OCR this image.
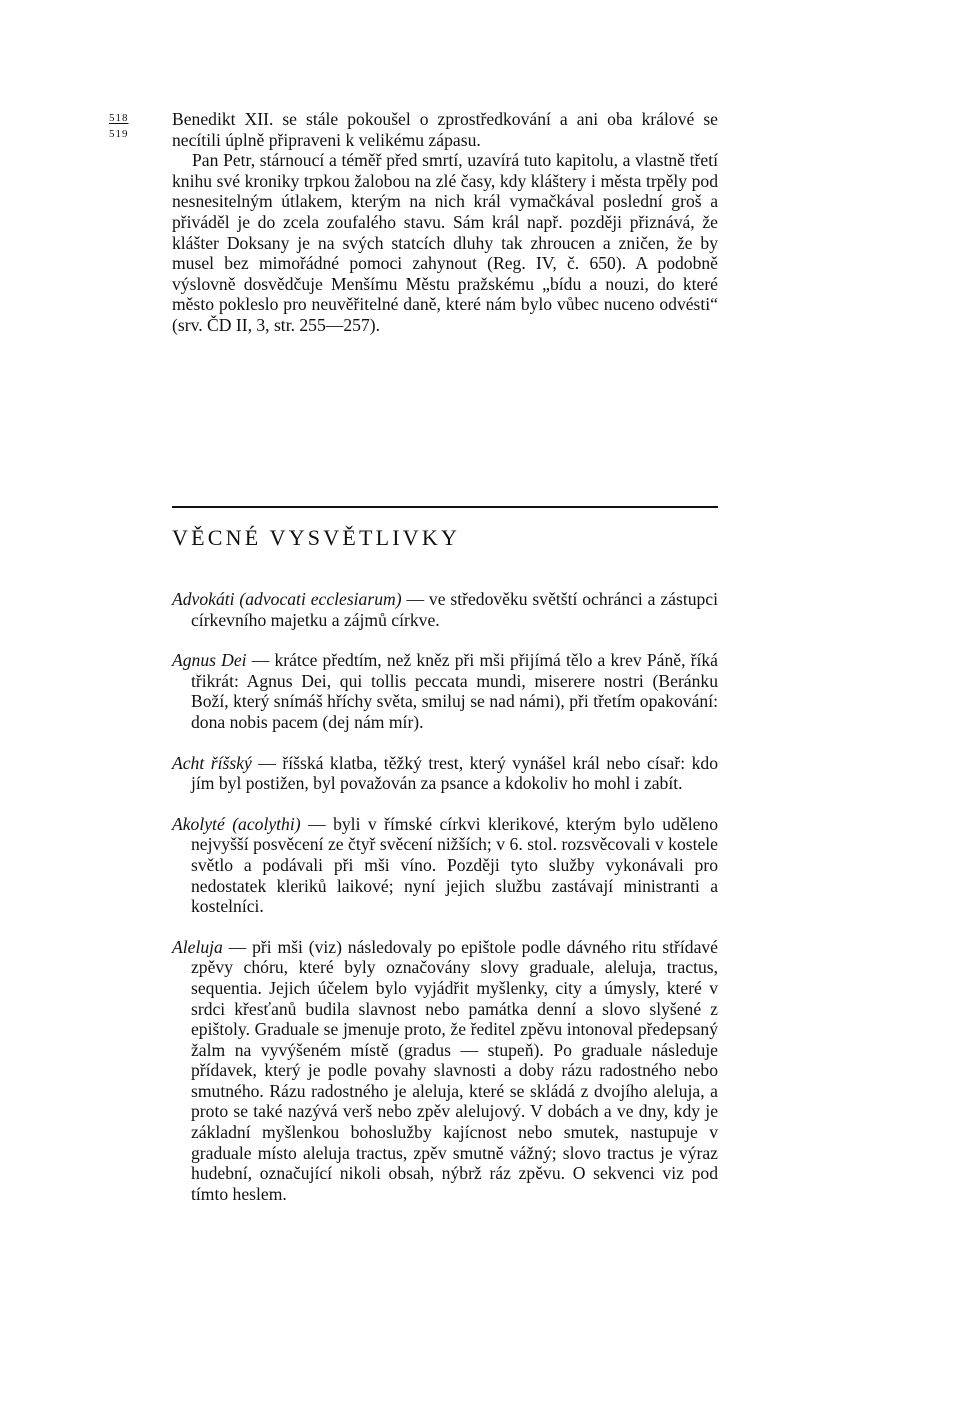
518
519

Benedikt XII. se stále pokoušel o zprostředkování a ani oba králové se necítili úplně připraveni k velikému zápasu.

Pan Petr, stárnoucí a téměř před smrtí, uzavírá tuto kapitolu, a vlastně třetí knihu své kroniky trpkou žalobou na zlé časy, kdy kláštery i města trpěly pod nesnesitelným útlakem, kterým na nich král vymačkával poslední groš a přiváděl je do zcela zoufalého stavu. Sám král např. později přiznává, že klášter Doksany je na svých statcích dluhy tak zhroucen a zničen, že by musel bez mimořádné pomoci zahynout (Reg. IV, č. 650). A podobně výslovně dosvědčuje Menšímu Městu pražskému „bídu a nouzi, do které město pokleslo pro neuvěřitelné daně, které nám bylo vůbec nuceno odvésti“ (srv. ČD II, 3, str. 255—257).

VĚCNÉ VYSVĚTLIVKY

Advokáti (advocati ecclesiarum) — ve středověku světští ochránci a zástupci církevního majetku a zájmů církve.

Agnus Dei — krátce předtím, než kněz při mši přijímá tělo a krev Páně, říká třikrát: Agnus Dei, qui tollis peccata mundi, miserere nostri (Beránku Boží, který snímáš hříchy světa, smiluj se nad námi), při třetím opakování: dona nobis pacem (dej nám mír).

Acht říšský — říšská klatba, těžký trest, který vynášel král nebo císař: kdo jím byl postižen, byl považován za psance a kdokoliv ho mohl i zabít.

Akolyté (acolythi) — byli v římské církvi klerikové, kterým bylo uděleno nejvyšší posvěcení ze čtyř svěcení nižších; v 6. stol. rozsvěcovali v kostele světlo a podávali při mši víno. Později tyto služby vykonávali pro nedostatek kleriků laikové; nyní jejich službu zastávají ministranti a kostelníci.

Aleluja — při mši (viz) následovaly po epištole podle dávného ritu střídavé zpěvy chóru, které byly označovány slovy graduale, aleluja, tractus, sequentia. Jejich účelem bylo vyjádřit myšlenky, city a úmysly, které v srdci křesťanů budila slavnost nebo památka denní a slovo slyšené z epištoly. Graduale se jmenuje proto, že ředitel zpěvu intonoval předepsaný žalm na vyvýšeném místě (gradus — stupeň). Po graduale následuje přídavek, který je podle povahy slavnosti a doby rázu radostného nebo smutného. Rázu radostného je aleluja, které se skládá z dvojího aleluja, a proto se také nazývá verš nebo zpěv alelujový. V dobách a ve dny, kdy je základní myšlenkou bohoslužby kajícnost nebo smutek, nastupuje v graduale místo aleluja tractus, zpěv smutně vážný; slovo tractus je výraz hudební, označující nikoli obsah, nýbrž ráz zpěvu. O sekvenci viz pod tímto heslem.
